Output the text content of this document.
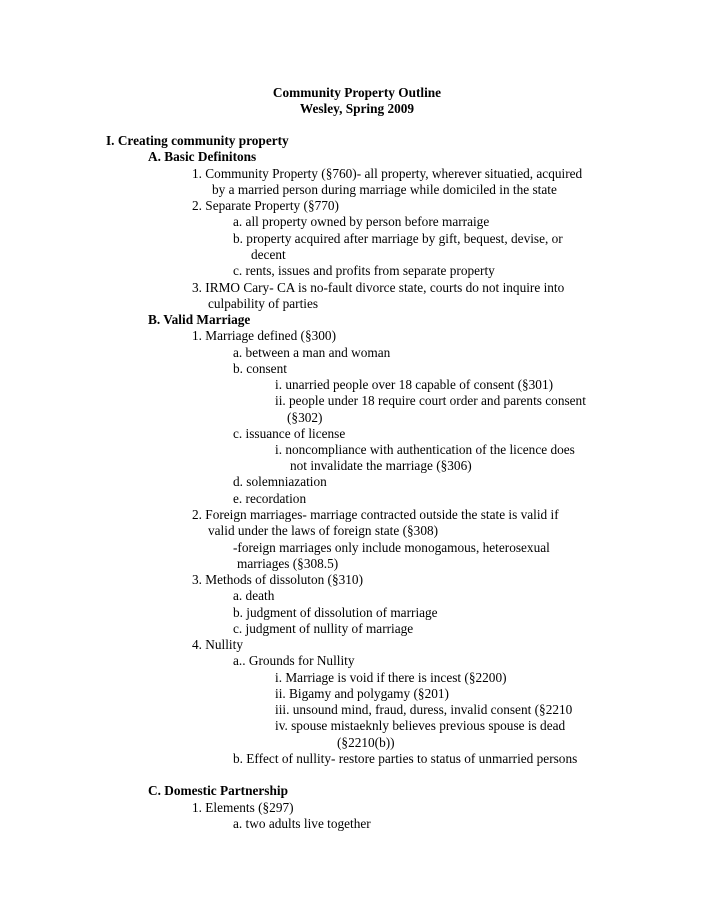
Community Property Outline
Wesley, Spring 2009
I. Creating community property
A. Basic Definitons
1. Community Property (§760)- all property, wherever situatied, acquired
by a married person during marriage while domiciled in the state
2. Separate Property (§770)
a. all property owned by person before marraige
b. property acquired after marriage by gift, bequest, devise, or
decent
c. rents, issues and profits from separate property
3. IRMO Cary- CA is no-fault divorce state, courts do not inquire into
culpability of parties
B. Valid Marriage
1. Marriage defined (§300)
a. between a man and woman
b. consent
i. unarried people over 18 capable of consent (§301)
ii. people under 18 require court order and parents consent
(§302)
c. issuance of license
i. noncompliance with authentication of the licence does
not invalidate the marriage (§306)
d. solemniazation
e. recordation
2. Foreign marriages- marriage contracted outside the state is valid if
valid under the laws of foreign state (§308)
-foreign marriages only include monogamous, heterosexual
marriages (§308.5)
3. Methods of dissoluton (§310)
a. death
b. judgment of dissolution of marriage
c. judgment of nullity of marriage
4. Nullity
a.. Grounds for Nullity
i. Marriage is void if there is incest (§2200)
ii. Bigamy and polygamy (§201)
iii. unsound mind, fraud, duress, invalid consent (§2210
iv. spouse mistaeknly believes previous spouse is dead
(§2210(b))
b. Effect of nullity- restore parties to status of unmarried persons
C. Domestic Partnership
1. Elements (§297)
a. two adults live together
